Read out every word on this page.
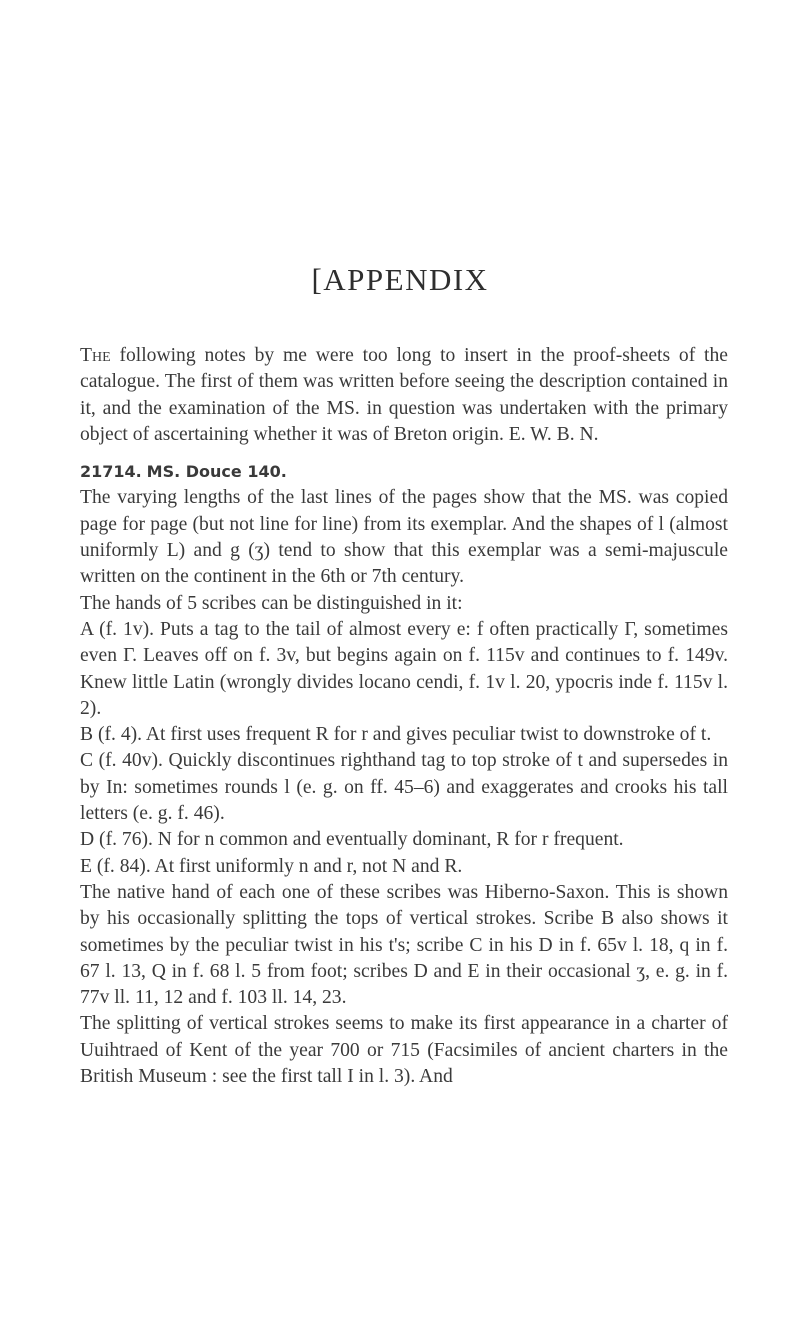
[APPENDIX

The following notes by me were too long to insert in the proof-sheets of the catalogue. The first of them was written before seeing the description contained in it, and the examination of the MS. in question was undertaken with the primary object of ascertaining whether it was of Breton origin. E. W. B. N.

21714. MS. Douce 140.

The varying lengths of the last lines of the pages show that the MS. was copied page for page (but not line for line) from its exemplar. And the shapes of l (almost uniformly L) and g (ʒ) tend to show that this exemplar was a semi-majuscule written on the continent in the 6th or 7th century.

The hands of 5 scribes can be distinguished in it:

A (f. 1v). Puts a tag to the tail of almost every e: f often practically Γ, sometimes even Γ. Leaves off on f. 3v, but begins again on f. 115v and continues to f. 149v. Knew little Latin (wrongly divides locano cendi, f. 1v l. 20, ypocris inde f. 115v l. 2).

B (f. 4). At first uses frequent R for r and gives peculiar twist to downstroke of t.

C (f. 40v). Quickly discontinues righthand tag to top stroke of t and supersedes in by In: sometimes rounds l (e. g. on ff. 45–6) and exaggerates and crooks his tall letters (e. g. f. 46).

D (f. 76). N for n common and eventually dominant, R for r frequent.

E (f. 84). At first uniformly n and r, not N and R.

The native hand of each one of these scribes was Hiberno-Saxon. This is shown by his occasionally splitting the tops of vertical strokes. Scribe B also shows it sometimes by the peculiar twist in his t's; scribe C in his D in f. 65v l. 18, q in f. 67 l. 13, Q in f. 68 l. 5 from foot; scribes D and E in their occasional ʒ, e. g. in f. 77v ll. 11, 12 and f. 103 ll. 14, 23.

The splitting of vertical strokes seems to make its first appearance in a charter of Uuihtraed of Kent of the year 700 or 715 (Facsimiles of ancient charters in the British Museum : see the first tall I in l. 3). And
